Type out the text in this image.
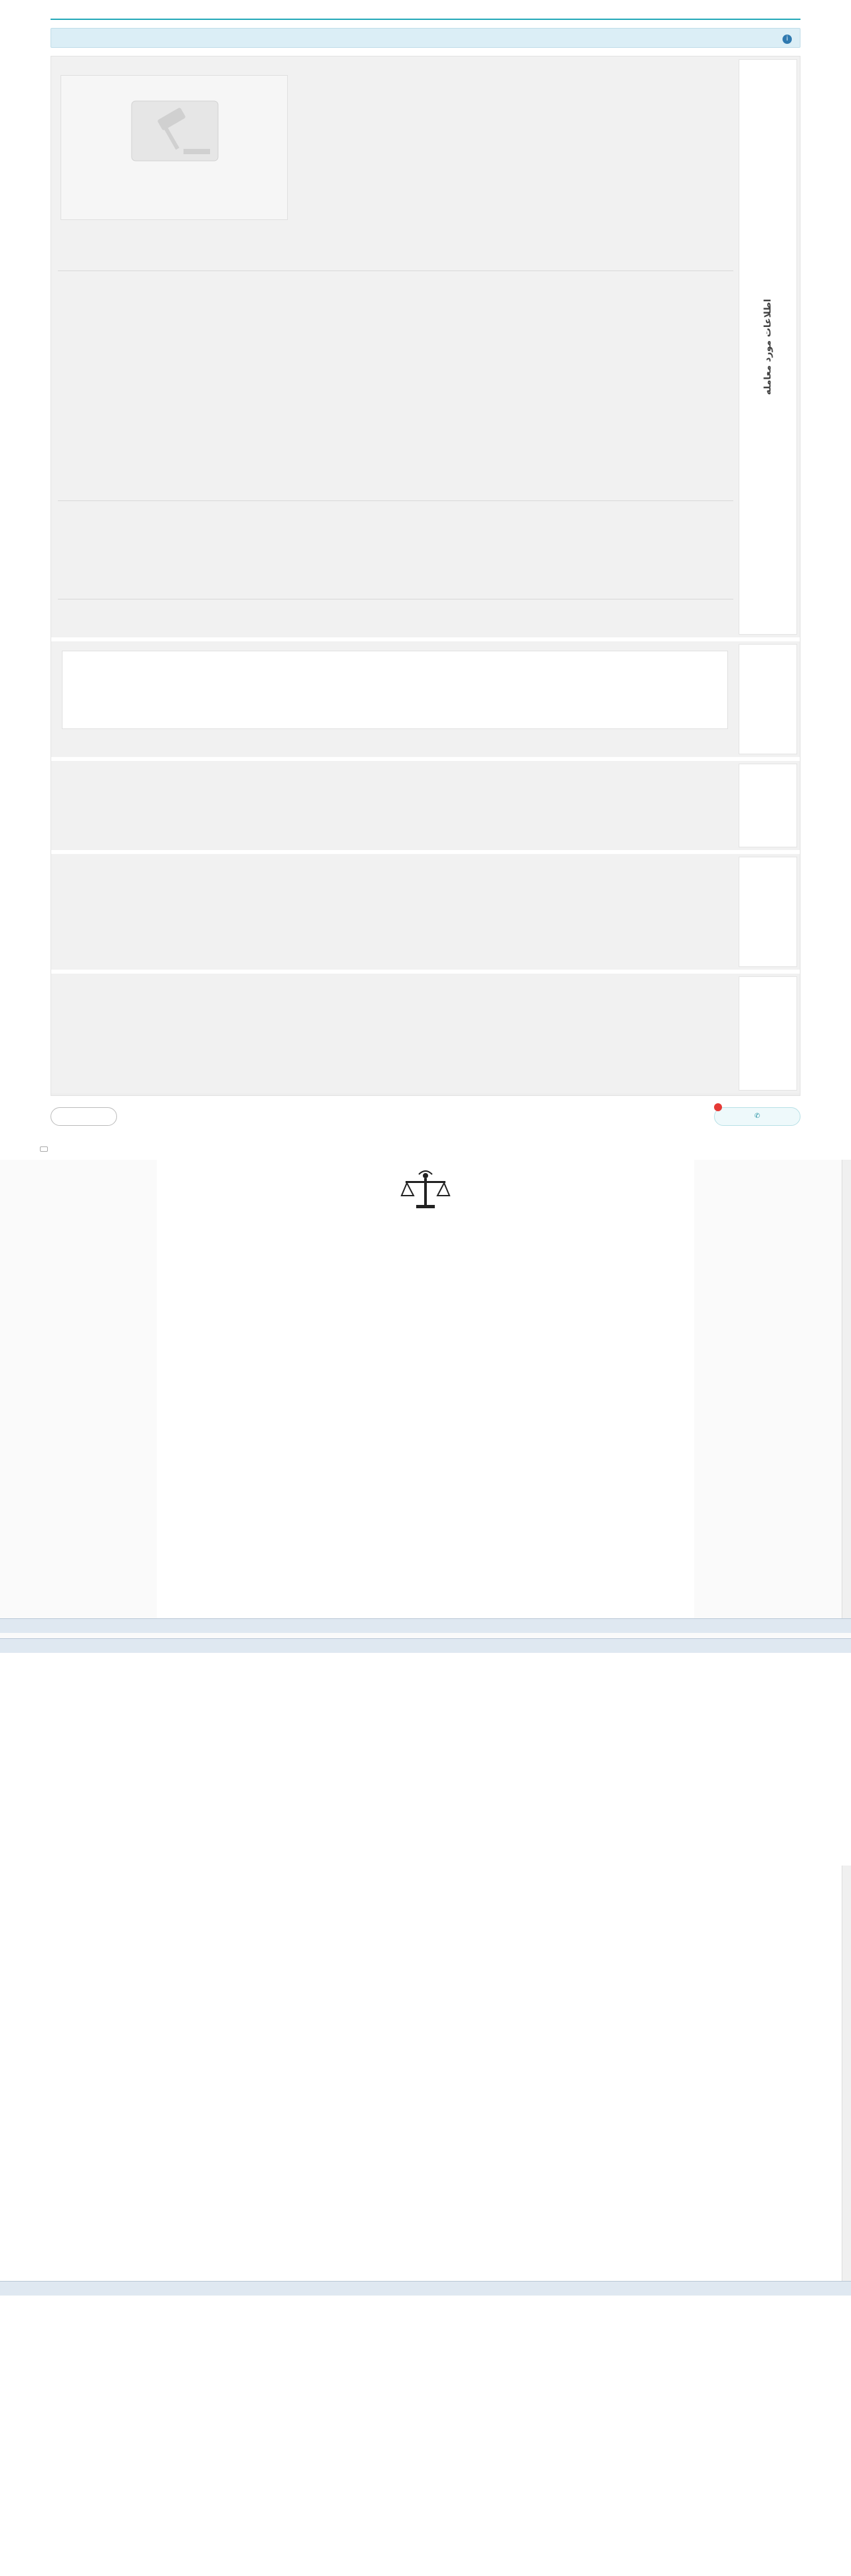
i
اطلاعات مورد معامله
✆
